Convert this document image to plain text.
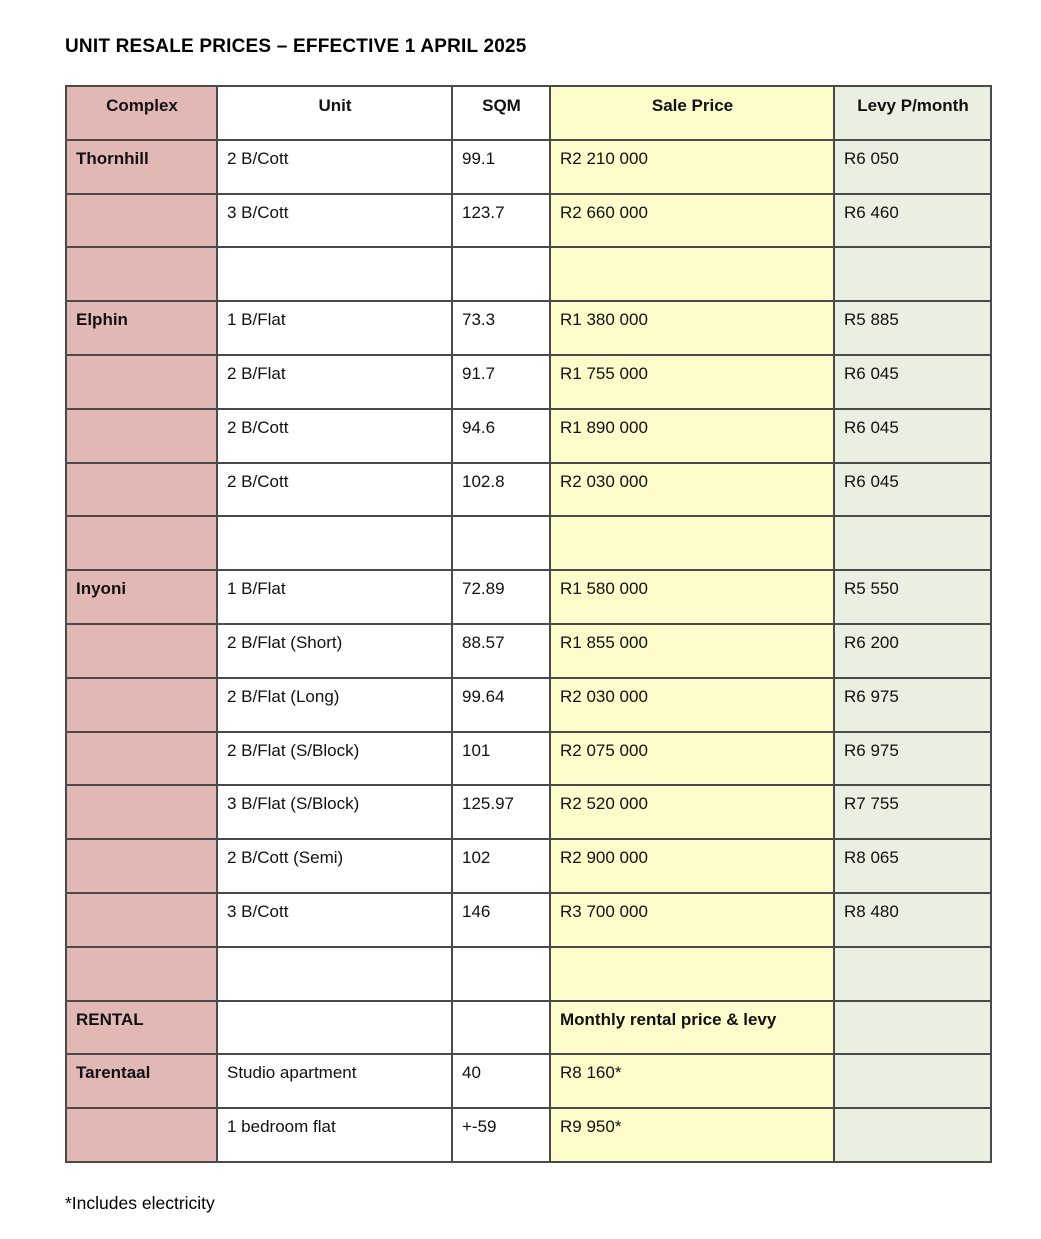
UNIT RESALE PRICES – EFFECTIVE 1 APRIL 2025
Complex	Unit	SQM	Sale Price	Levy P/month
Thornhill	2 B/Cott	99.1	R2 210 000	R6 050
	3 B/Cott	123.7	R2 660 000	R6 460

Elphin	1 B/Flat	73.3	R1 380 000	R5 885
	2 B/Flat	91.7	R1 755 000	R6 045
	2 B/Cott	94.6	R1 890 000	R6 045
	2 B/Cott	102.8	R2 030 000	R6 045

Inyoni	1 B/Flat	72.89	R1 580 000	R5 550
	2 B/Flat (Short)	88.57	R1 855 000	R6 200
	2 B/Flat (Long)	99.64	R2 030 000	R6 975
	2 B/Flat (S/Block)	101	R2 075 000	R6 975
	3 B/Flat (S/Block)	125.97	R2 520 000	R7 755
	2 B/Cott (Semi)	102	R2 900 000	R8 065
	3 B/Cott	146	R3 700 000	R8 480

RENTAL			Monthly rental price & levy	
Tarentaal	Studio apartment	40	R8 160*	
	1 bedroom flat	+-59	R9 950*	
*Includes electricity
